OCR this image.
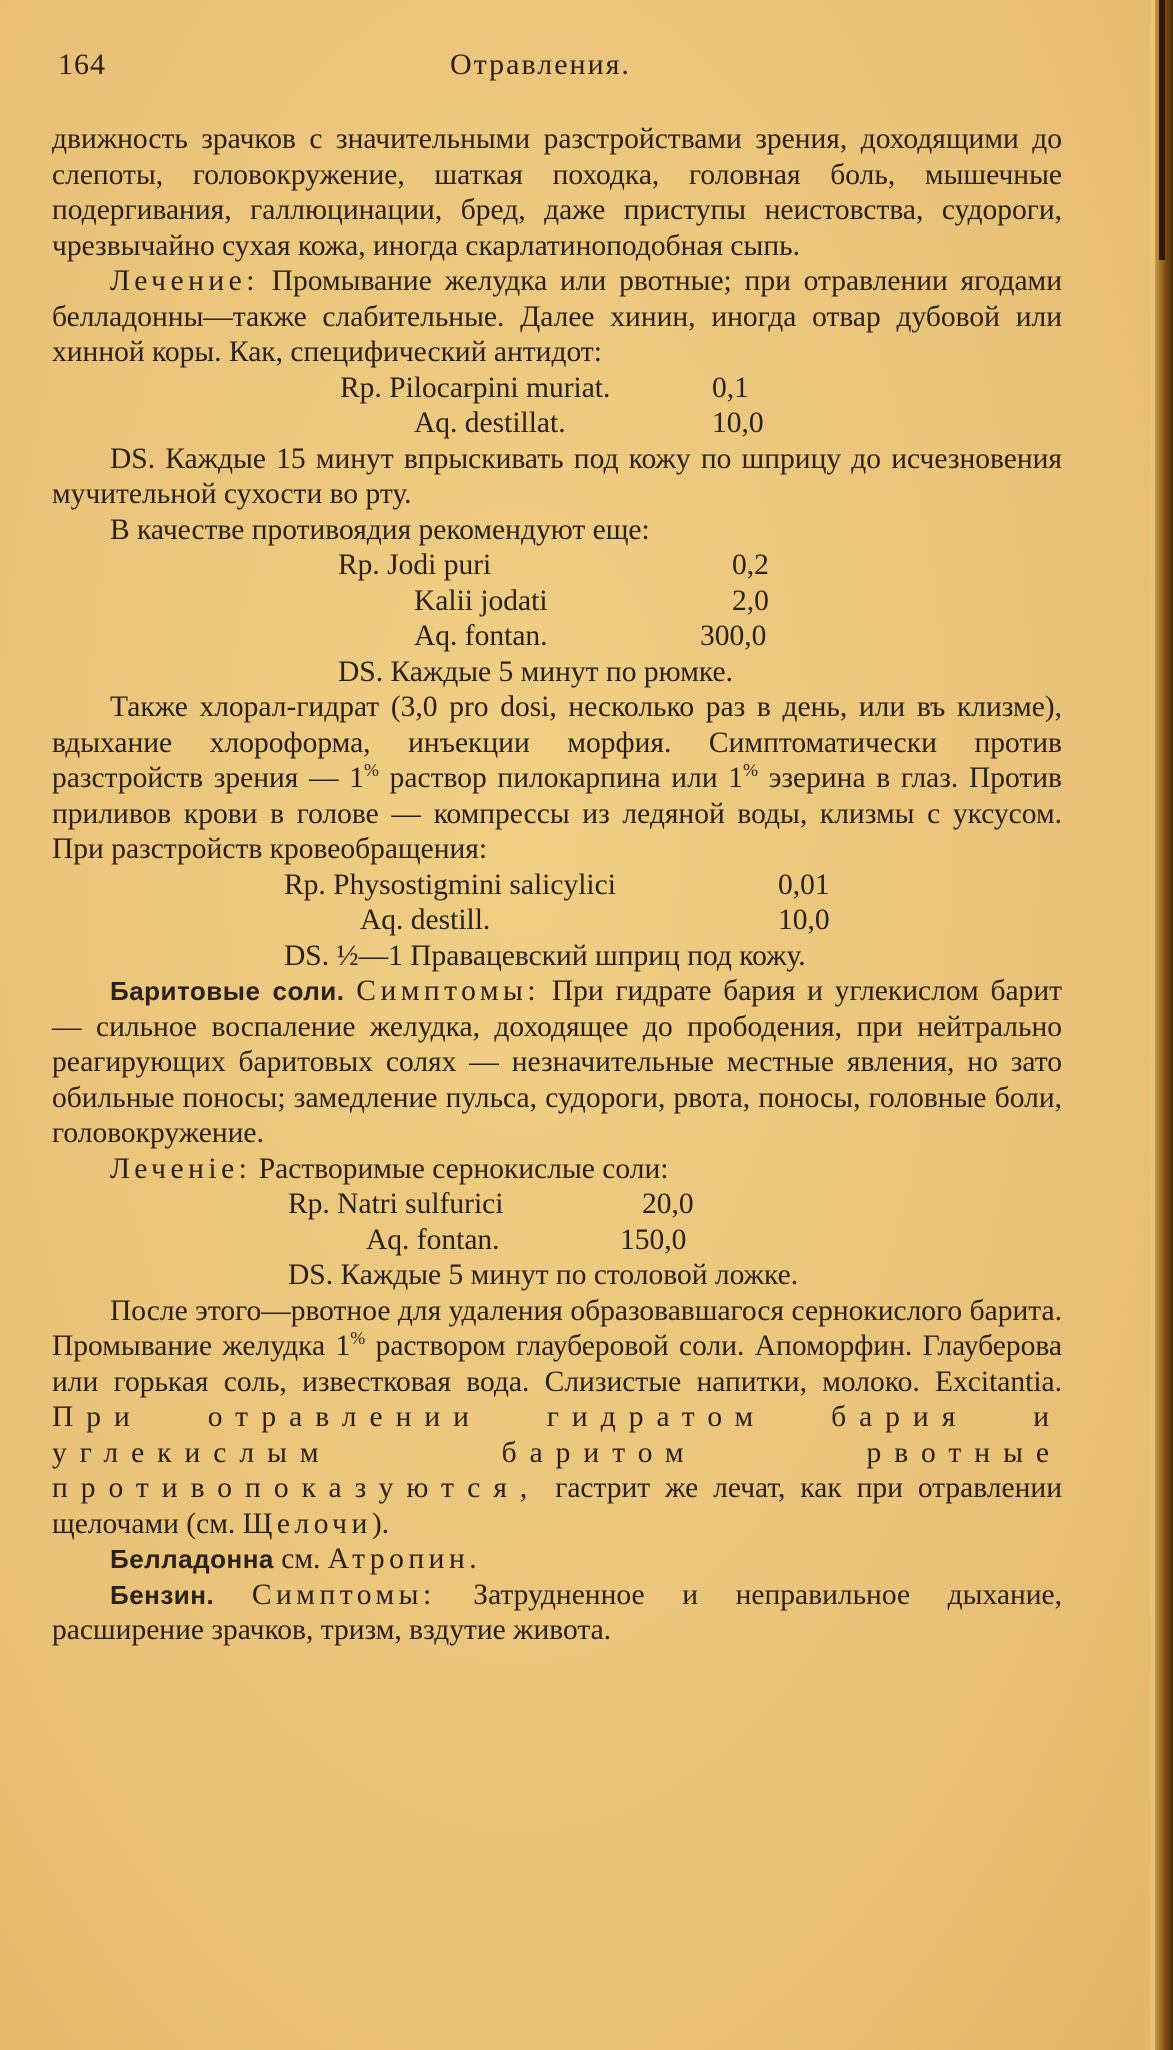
164	Отравления.

движность зрачков с значительными разстройствами зрения, доходящими до слепоты, головокружение, шаткая походка, головная боль, мышечные подергивания, галлюцинации, бред, даже приступы неистовства, судороги, чрезвычайно сухая кожа, иногда скарлатиноподобная сыпь.

Лечение: Промывание желудка или рвотные; при отравлении ягодами белладонны—также слабительные. Далее хинин, иногда отвар дубовой или хинной коры. Как, специфический антидот:

Rp. Pilocarpini muriat.	0,1
Aq. destillat.	10,0

DS. Каждые 15 минут впрыскивать под кожу по шприцу до исчезновения мучительной сухости во рту.

В качестве противоядия рекомендуют еще:

Rp. Jodi puri	0,2
Kalii jodati	2,0
Aq. fontan.	300,0
DS. Каждые 5 минут по рюмке.

Также хлорал-гидрат (3,0 pro dosi, несколько раз в день, или въ клизме), вдыхание хлороформа, инъекции морфия. Симптоматически против разстройств зрения — 1% раствор пилокарпина или 1% эзерина в глаз. Против приливов крови в голове — компрессы из ледяной воды, клизмы с уксусом. При разстройств кровеобращения:

Rp. Physostigmini salicylici	0,01
Aq. destill.	10,0
DS. ½—1 Правацевский шприц под кожу.

Баритовые соли. Симптомы: При гидрате бария и углекислом барит — сильное воспаление желудка, доходящее до прободения, при нейтрально реагирующих баритовых солях — незначительные местные явления, но зато обильные поносы; замедление пульса, судороги, рвота, поносы, головные боли, головокружение.

Леченіе: Растворимые сернокислые соли:

Rp. Natri sulfurici	20,0
Aq. fontan.	150,0
DS. Каждые 5 минут по столовой ложке.

После этого—рвотное для удаления образовавшагося сернокислого барита. Промывание желудка 1% раствором глауберовой соли. Апоморфин. Глауберова или горькая соль, известковая вода. Слизистые напитки, молоко. Excitantia. При отравлении гидратом бария и углекислым баритом рвотные противопоказуются, гастрит же лечат, как при отравлении щелочами (см. Щелочи).

Белладонна см. Атропин.

Бензин. Симптомы: Затрудненное и неправильное дыхание, расширение зрачков, тризм, вздутие живота.
